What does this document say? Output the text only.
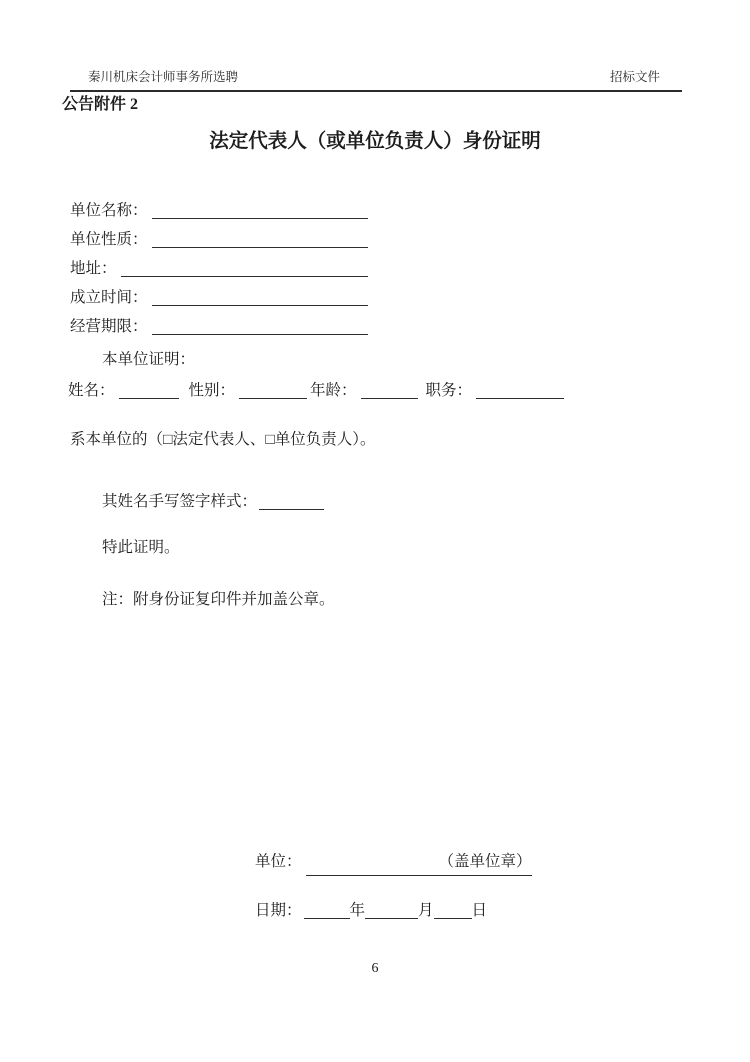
秦川机床会计师事务所选聘	招标文件
公告附件 2
法定代表人（或单位负责人）身份证明
单位名称：
单位性质：
地址：
成立时间：
经营期限：
本单位证明：
姓名：	性别：	年龄：	职务：
系本单位的（□法定代表人、□单位负责人）。
其姓名手写签字样式：
特此证明。
注：附身份证复印件并加盖公章。
单位：	（盖单位章）
日期：	年	月 日
6
